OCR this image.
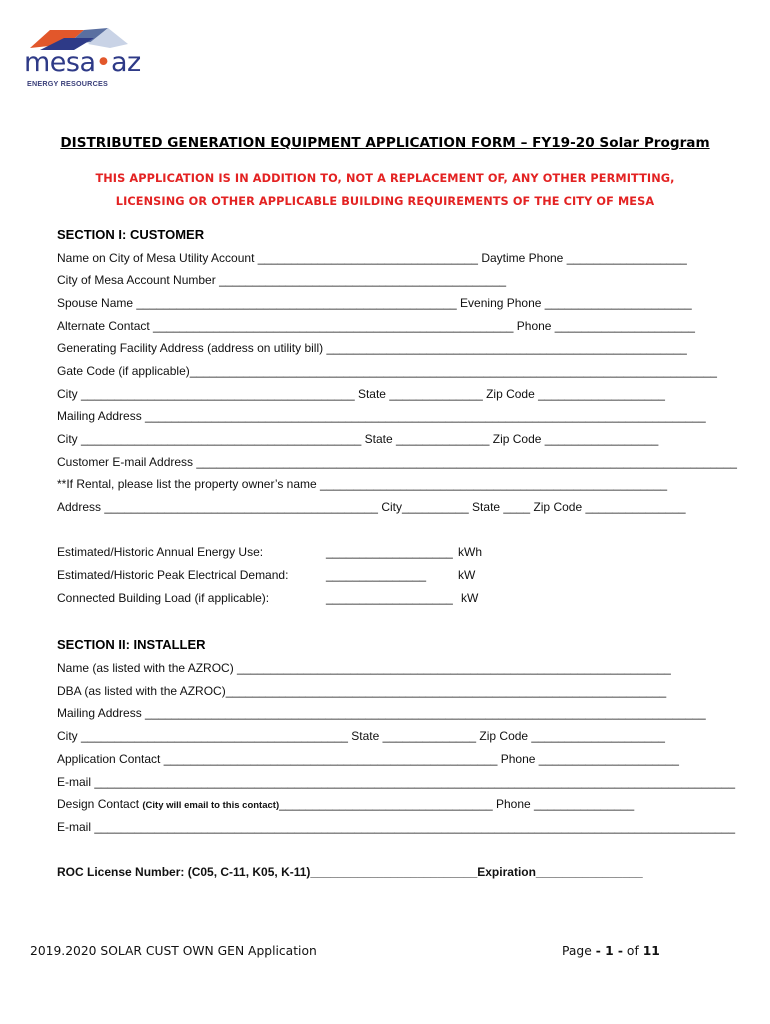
mesa•az
ENERGY RESOURCES
DISTRIBUTED GENERATION EQUIPMENT APPLICATION FORM – FY19-20 Solar Program
THIS APPLICATION IS IN ADDITION TO, NOT A REPLACEMENT OF, ANY OTHER PERMITTING,
LICENSING OR OTHER APPLICABLE BUILDING REQUIREMENTS OF THE CITY OF MESA
SECTION I: CUSTOMER
Name on City of Mesa Utility Account _________________________________ Daytime Phone __________________
City of Mesa Account Number ___________________________________________
Spouse Name ________________________________________________ Evening Phone ______________________
Alternate Contact ______________________________________________________ Phone _____________________
Generating Facility Address (address on utility bill) ______________________________________________________
Gate Code (if applicable)_______________________________________________________________________________
City _________________________________________ State ______________ Zip Code ___________________
Mailing Address ____________________________________________________________________________________
City __________________________________________ State ______________ Zip Code _________________
Customer E-mail Address _________________________________________________________________________________
**If Rental, please list the property owner’s name ____________________________________________________
Address _________________________________________ City__________ State ____ Zip Code _______________
Estimated/Historic Annual Energy Use:	___________________ kWh
Estimated/Historic Peak Electrical Demand:	_______________	kW
Connected Building Load (if applicable):	___________________ kW
SECTION II: INSTALLER
Name (as listed with the AZROC) _________________________________________________________________
DBA (as listed with the AZROC)__________________________________________________________________
Mailing Address ____________________________________________________________________________________
City ________________________________________ State ______________ Zip Code ____________________
Application Contact __________________________________________________ Phone _____________________
E-mail ________________________________________________________________________________________________
Design Contact (City will email to this contact)________________________________ Phone _______________
E-mail ________________________________________________________________________________________________
ROC License Number: (C05, C-11, K05, K-11)_________________________Expiration________________
2019.2020 SOLAR CUST OWN GEN Application	Page - 1 - of 11
